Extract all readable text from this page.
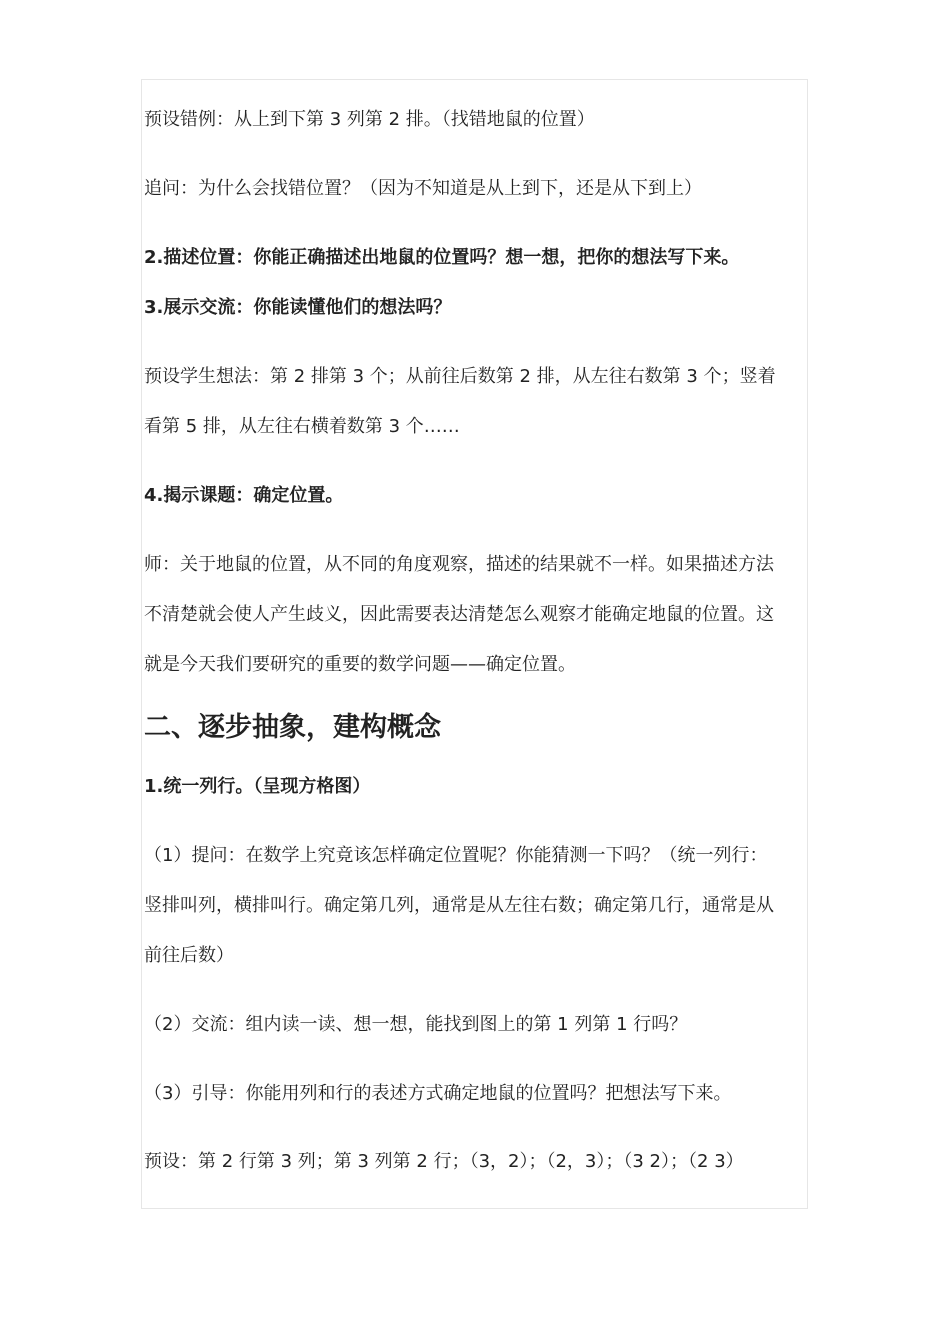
预设错例：从上到下第 3 列第 2 排。（找错地鼠的位置）
追问：为什么会找错位置？（因为不知道是从上到下，还是从下到上）
2.描述位置：你能正确描述出地鼠的位置吗？想一想，把你的想法写下来。
3.展示交流：你能读懂他们的想法吗？
预设学生想法：第 2 排第 3 个；从前往后数第 2 排，从左往右数第 3 个；竖着
看第 5 排，从左往右横着数第 3 个……
4.揭示课题：确定位置。
师：关于地鼠的位置，从不同的角度观察，描述的结果就不一样。如果描述方法
不清楚就会使人产生歧义，因此需要表达清楚怎么观察才能确定地鼠的位置。这
就是今天我们要研究的重要的数学问题——确定位置。
二、逐步抽象，建构概念
1.统一列行。（呈现方格图）
（1）提问：在数学上究竟该怎样确定位置呢？你能猜测一下吗？（统一列行：
竖排叫列，横排叫行。确定第几列，通常是从左往右数；确定第几行，通常是从
前往后数）
（2）交流：组内读一读、想一想，能找到图上的第 1 列第 1 行吗？
（3）引导：你能用列和行的表述方式确定地鼠的位置吗？把想法写下来。
预设：第 2 行第 3 列；第 3 列第 2 行；（3，2）；（2，3）；（3 2）；（2 3）
